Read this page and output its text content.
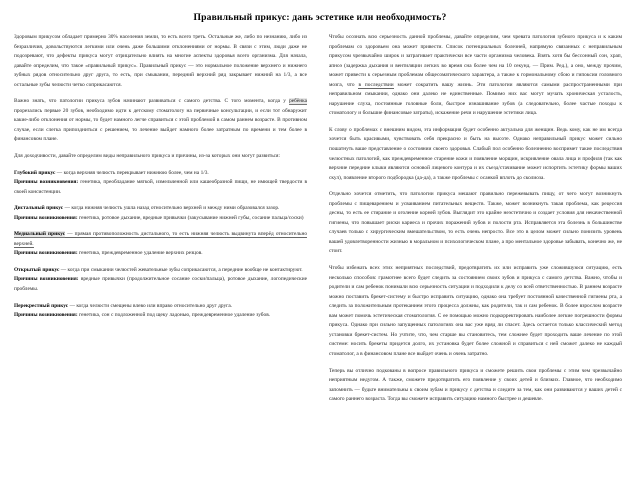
Правильный прикус: дань эстетике или необходимость?

Здоровым прикусом обладает примерно 30% населения земли, то есть всего треть. Остальные же, либо по незнанию, либо из безразличия, довольствуются легкими или очень даже большими отклонениями от нормы. В связи с этим, люди даже не подозревают, что дефекты прикуса могут отрицательно влиять на многие аспекты здоровья всего организма. Для начала, давайте определим, что такое «правильный прикус». Правильный прикус — это нормальное положение верхнего и нижнего зубных рядов относительно друг друга, то есть, при смыкании, передний верхний ряд закрывает нижний на 1/3, а все остальные зубы челюсти четко соприкасаются.

Важно знать, что патологии прикуса зубов начинают развиваться с самого детства. С того момента, когда у ребёнка прорезались первые 20 зубов, необходимо идти к детскому стоматологу на первичные консультации, и если тот обнаружит какие-либо отклонения от нормы, то будет намного легче справиться с этой проблемой в самом раннем возрасте. В противном случае, если слегка припоздниться с решением, то лечение выйдет намного более затратным по времени и тем более в финансовом плане.

Для доходчивости, давайте определим виды неправильного прикуса и причины, из-за которых они могут развиться:

Глубокий прикус — когда верхняя челюсть перекрывает нижнюю более, чем на 1/3.

Причины возникновения: генетика, преобладание мягкой, измельченной или кашеобразной пищи, не имющей твердости в своей консистенции.

Дистальный прикус — когда нижняя челюсть ушла назад относительно верхней и между ними образовался зазор.

Причины возникновения: генетика, ротовое дыхание, вредные привычки (закусывание нижней губы, сосание пальца/соски)

Медиальный прикус — прямая противоположность дистального, то есть нижняя челюсть выдвинута вперёд относительно верхней.

Причины возникновения: генетика, преждевременное удаление верхних резцов.

Открытый прикус — когда при смыкании челюстей жевательные зубы соприкасаются, а передние вообще не контактируют.

Причины возникновения: вредные привычки (продолжительное сосание соски/пальца), ротовое дыхание, логопедические проблемы.

Перекрестный прикус — когда челюсти смещены влево или вправо относительно друг друга.

Причины возникновения: генетика, сон с подложенной под щеку ладонью, преждевременное удаление зубов.

Чтобы осознать всю серьезность данной проблемы, давайте определим, чем чревата патология зубного прикуса и к каким проблемам со здоровьем она может привести. Список потенциальных болезней, напрямую связанных с неправильным прикусом чрезвычайно широк и затрагивает практически все части организма человека. Взять хотя бы бессонный сон, храп, апноэ (задержка дыхания и вентиляции легких во время сна более чем на 10 секунд. — Прим. Ред.), а оно, между прочим, может привести к серьезным проблемам общесоматического характера, а также к гормональному сбою и гипоксии головного мозга, что в последствии может сократить вашу жизнь. Эти патологии являются самыми распространенными при неправильном смыкании, однако они далеко не единственные. Помимо них вас могут мучать хроническая усталость, нарушение слуха, постоянные головные боли, быстрое изнашивание зубов (а следовательно, более частые походы к стоматологу и большие финансовые затраты), искажение речи и нарушение эстетики лица.

К слову о проблемах с внешним видом, эта информация будет особенно актуальна для женщин. Ведь кому, как не им всегда хочется быть красивыми, чувствовать себя прекрасно и быть на высоте. Однако неправильный прикус может сильно пошатнуть ваше представление о состоянии своего здоровья. Слабый пол особенно болезненно воспримет такие последствия челюстных патологий, как преждевременное старение кожи и появление морщин, искривление овала лица и профиля (так как верхние передние клыки являются основой лицевого контура и их съезд/стачивание может испортить эстетику формы ваших скул), появление второго подбородка (да-да), а также проблемы с осанкой вплоть до сколиоза.

Отдельно хочется отметить, что патологии прикуса мешают правильно пережевывать пищу, от чего могут возникнуть проблемы с пищеварением и усваиванием питательных веществ. Также, может возникнуть такая проблема, как рецессия десны, то есть ее стирание и оголение корней зубов. Выглядит это крайне неэстетично и создает условия для некачественной гигиены, что повышает риски кариеса и прочих поражений зубов и полости рта. Исправляется эта болезнь в большинстве случаев только с хирургическим вмешательством, то есть очень непросто. Все это в целом может сильно понизить уровень вашей удовлетворенности жизнью в моральном и психологическом плане, а про ментальное здоровье забывать, конечно же, не стоит.

Чтобы избежать всех этих неприятных последствий, предотвратить их или исправить уже сложившуюся ситуацию, есть несколько способов: грамотнее всего будет следить за состоянием своих зубов и прикуса с самого детства. Важно, чтобы и родители и сам ребенок понимали всю серьезность ситуации и подходили к делу со всей ответственностью. В раннем возрасте можно поставить брекет-систему и быстро исправить ситуацию, однако она требует постоянной качественной гигиены рта, а следить за положительным протеканием этого процесса должны, как родители, так и сам ребенок. В более взрослом возрасте вам может помочь эстетическая стоматология. С ее помощью можно подкорректировать наиболее легкие погрешности формы прикуса. Однако при сильно запущенных патологиях она вас уже вряд ли спасет. Здесь остается только классический метод установки брекет-систем. Но учтите, что, чем старше вы становитесь, тем сложнее будет проходить ваше лечение по этой системе: носить брекеты придется долго, их установка будет более сложной и справиться с ней сможет далеко не каждый стоматолог, а в финансовом плане все выйдет очень и очень затратно.

Теперь вы отлично подкованы в вопросе правильного прикуса и сможете решить свои проблемы с этим чем чрезвычайно неприятным недугом. А также, сможете предотвратить его появление у своих детей и близких. Главное, что необходимо запомнить — будьте внимательны к своим зубам и прикусу с детства и следите за тем, как они развиваются у ваших детей с самого раннего возраста. Тогда вы сможете исправить ситуацию намного быстрее и дешевле.
